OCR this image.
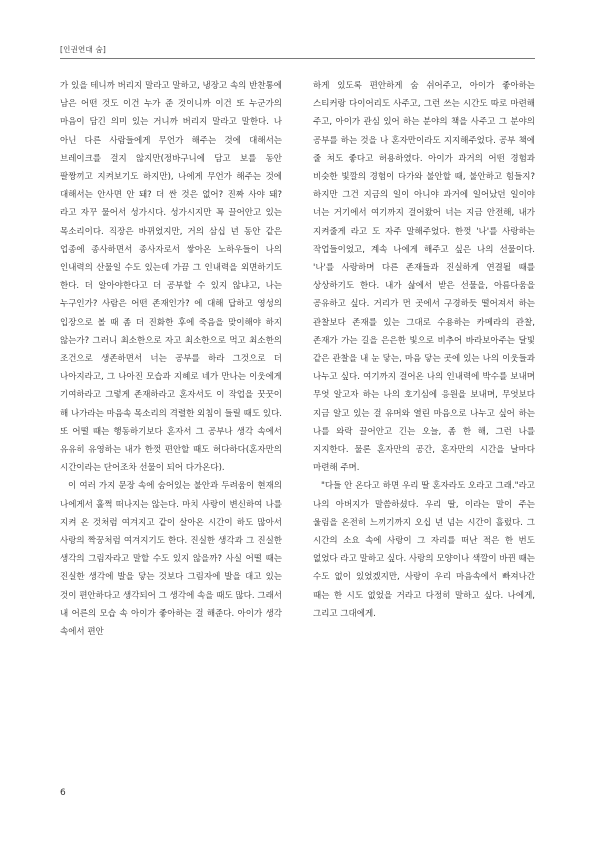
[인권연대 숨]

가 있을 테니까 버리지 말라고 말하고, 냉장고 속의 반찬통에 남은 어떤 것도 이건 누가 준 것이니까 이건 또 누군가의 마음이 담긴 의미 있는 거니까 버리지 말라고 말한다. 나 아닌 다른 사람들에게 무언가 해주는 것에 대해서는 브레이크를 걸지 않지만(정바구니에 담고 보를 동안 팔짱끼고 지켜보기도 하지만), 나에게 무언가 해주는 것에 대해서는 안사면 안 돼? 더 싼 것은 없어? 진짜 사야 돼? 라고 자꾸 물어서 성가시다. 성가시지만 꼭 끌어안고 있는 목소리이다. 직장은 바뀌었지만, 거의 삼십 년 동안 같은 업종에 종사하면서 종사자로서 쌓아온 노하우들이 나의 인내력의 산물일 수도 있는데 가끔 그 인내력을 외면하기도 한다. 더 알아야한다고 더 공부할 수 있지 않냐고, 나는 누구인가? 사람은 어떤 존재인가? 에 대해 답하고 영성의 입장으로 볼 때 좀 더 진화한 후에 죽음을 맞이해야 하지 않는가? 그러니 최소한으로 자고 최소한으로 먹고 최소한의 조건으로 생존하면서 너는 공부를 하라 그것으로 더 나아지라고, 그 나아진 모습과 지혜로 네가 만나는 이웃에게 기여하라고 그렇게 존재하라고 혼자서도 이 작업을 꿋꿋이 해 나가라는 마음속 목소리의 격렬한 외침이 들릴 때도 있다. 또 어떨 때는 행동하기보다 혼자서 그 공부나 생각 속에서 유유히 유영하는 내가 한껏 편안할 때도 허다하다(혼자만의 시간이라는 단어조차 선물이 되어 다가온다).

이 여러 가지 문장 속에 숨어있는 불안과 두려움이 현재의 나에게서 훌쩍 떠나지는 않는다. 마치 사랑이 변신하여 나를 지켜 온 것처럼 여겨지고 같이 살아온 시간이 하도 많아서 사랑의 짝꿍처럼 여겨지기도 한다. 진실한 생각과 그 진실한 생각의 그림자라고 말할 수도 있지 않을까? 사실 어떨 때는 진실한 생각에 발을 닿는 것보다 그림자에 발을 대고 있는 것이 편안하다고 생각되어 그 생각에 속을 때도 많다. 그래서 내 어른의 모습 속 아이가 좋아하는 걸 해준다. 아이가 생각 속에서 편안

하게 있도록 편안하게 숨 쉬어주고, 아이가 좋아하는 스티커랑 다이어리도 사주고, 그런 쓰는 시간도 따로 마련해 주고, 아이가 관심 있어 하는 분야의 책을 사주고 그 분야의 공부를 하는 것을 나 혼자만이라도 지지해주었다. 공부 책에 줄 쳐도 좋다고 허용하였다. 아이가 과거의 어떤 경험과 비슷한 빛깔의 경험이 다가와 불안할 때, 불안하고 힘들지? 하지만 그건 지금의 일이 아니야 과거에 일어났던 일이야 너는 거기에서 여기까지 걸어왔어 너는 지금 안전해, 내가 지켜줄게 라고 도 자주 말해주었다. 한껏 '나'를 사랑하는 작업들이었고, 계속 나에게 해주고 싶은 나의 선물이다. '나'를 사랑하며 다른 존재들과 진실하게 연결될 때를 상상하기도 한다. 내가 삶에서 받은 선물을, 아름다움을 공유하고 싶다. 거리가 먼 곳에서 구경하듯 떨어져서 하는 관찰보다 존재를 있는 그대로 수용하는 카메라의 관찰, 존재가 가는 길을 은은한 빛으로 비추어 바라보아주는 달빛 같은 관찰을 내 눈 닿는, 마음 닿는 곳에 있는 나의 이웃들과 나누고 싶다. 여기까지 걸어온 나의 인내력에 박수를 보내며 무엇 알고자 하는 나의 호기심에 응원을 보내며, 무엇보다 지금 알고 있는 걸 유머와 열린 마음으로 나누고 싶어 하는 나를 와락 끌어안고 긴는 오늘, 좀 한 해, 그런 나를 지지한다. 물론 혼자만의 공간, 혼자만의 시간을 날마다 마련해 주며.

"다들 안 온다고 하면 우리 딸 혼자라도 오라고 그래."라고 나의 아버지가 말씀하셨다. 우리 딸, 이라는 말이 주는 울림을 온전히 느끼기까지 오십 년 넘는 시간이 흘렀다. 그 시간의 소요 속에 사랑이 그 자리를 떠난 적은 한 번도 없었다 라고 말하고 싶다. 사랑의 모양이나 색깔이 바뀐 때는 수도 없이 있었겠지만, 사랑이 우리 마음속에서 빠져나간 때는 한 시도 없었을 거라고 다정히 말하고 싶다. 나에게, 그리고 그대에게.

6
